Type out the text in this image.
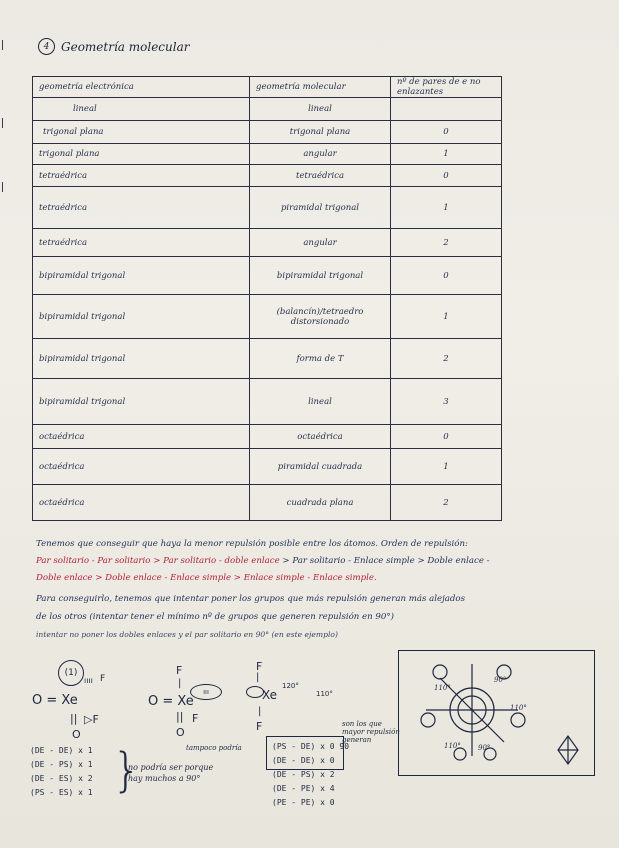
4 Geometría molecular
geometría electrónica	geometría molecular	nº de pares de e no enlazantes
lineal	lineal	
trigonal plana	trigonal plana	0
trigonal plana	angular	1
tetraédrica	tetraédrica	0
tetraédrica	piramidal trigonal	1
tetraédrica	angular	2
bipiramidal trigonal	bipiramidal trigonal	0
bipiramidal trigonal	(balancín)/tetraedro distorsionado	1
bipiramidal trigonal	forma de T	2
bipiramidal trigonal	lineal	3
octaédrica	octaédrica	0
octaédrica	piramidal cuadrada	1
octaédrica	cuadrada plana	2
Tenemos que conseguir que haya la menor repulsión posible entre los átomos. Orden de repulsión:
Par solitario - Par solitario > Par solitario - doble enlace > Par solitario - Enlace simple > Doble enlace -
Doble enlace > Doble enlace - Enlace simple > Enlace simple - Enlace simple.
Para conseguirlo, tenemos que intentar poner los grupos que más repulsión generan más alejados
de los otros (intentar tener el mínimo nº de grupos que generen repulsión en 90°)
intentar no poner los dobles enlaces y el par solitario en 90° (en este ejemplo)
(1)
O = Xe
ıııı F
|| ▷F
O
F
|
O = Xe
ııı
|| F
O
F
|
Xe
120°
110°
|
F	son los que mayor repulsión generan
110°
90°
110°
110° 90°
(DE - DE) x 1
(DE - PS) x 1
(DE - ES) x 2
(PS - ES) x 1 }
no podría ser porque hay muchos a 90°
tampoco podría	(PS - DE) x 0 90
(DE - DE) x 0
(DE - PS) x 2
(DE - PE) x 4
(PE - PE) x 0
